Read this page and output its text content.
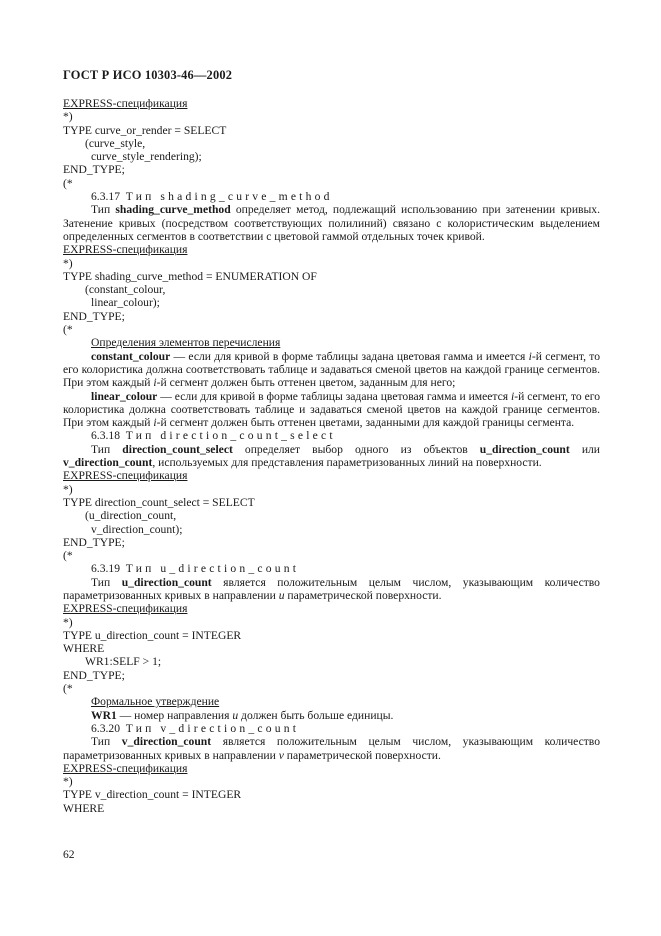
ГОСТ Р ИСО 10303-46—2002
EXPRESS-спецификация
*)
TYPE curve_or_render = SELECT
(curve_style,
curve_style_rendering);
END_TYPE;
(*
6.3.17 Тип shading_curve_method
Тип shading_curve_method определяет метод, подлежащий использованию при затенении кривых. Затенение кривых (посредством соответствующих полилиний) связано с колористическим выделением определенных сегментов в соответствии с цветовой гаммой отдельных точек кривой.
EXPRESS-спецификация
*)
TYPE shading_curve_method = ENUMERATION OF
(constant_colour,
linear_colour);
END_TYPE;
(*
Определения элементов перечисления
constant_colour — если для кривой в форме таблицы задана цветовая гамма и имеется i-й сегмент, то его колористика должна соответствовать таблице и задаваться сменой цветов на каждой границе сегментов. При этом каждый i-й сегмент должен быть оттенен цветом, заданным для него;
linear_colour — если для кривой в форме таблицы задана цветовая гамма и имеется i-й сегмент, то его колористика должна соответствовать таблице и задаваться сменой цветов на каждой границе сегментов. При этом каждый i-й сегмент должен быть оттенен цветами, заданными для каждой границы сегмента.
6.3.18 Тип direction_count_select
Тип direction_count_select определяет выбор одного из объектов u_direction_count или v_direction_count, используемых для представления параметризованных линий на поверхности.
EXPRESS-спецификация
*)
TYPE direction_count_select = SELECT
(u_direction_count,
v_direction_count);
END_TYPE;
(*
6.3.19 Тип u_direction_count
Тип u_direction_count является положительным целым числом, указывающим количество параметризованных кривых в направлении u параметрической поверхности.
EXPRESS-спецификация
*)
TYPE u_direction_count = INTEGER
WHERE
WR1:SELF > 1;
END_TYPE;
(*
Формальное утверждение
WR1 — номер направления u должен быть больше единицы.
6.3.20 Тип v_direction_count
Тип v_direction_count является положительным целым числом, указывающим количество параметризованных кривых в направлении v параметрической поверхности.
EXPRESS-спецификация
*)
TYPE v_direction_count = INTEGER
WHERE
62
